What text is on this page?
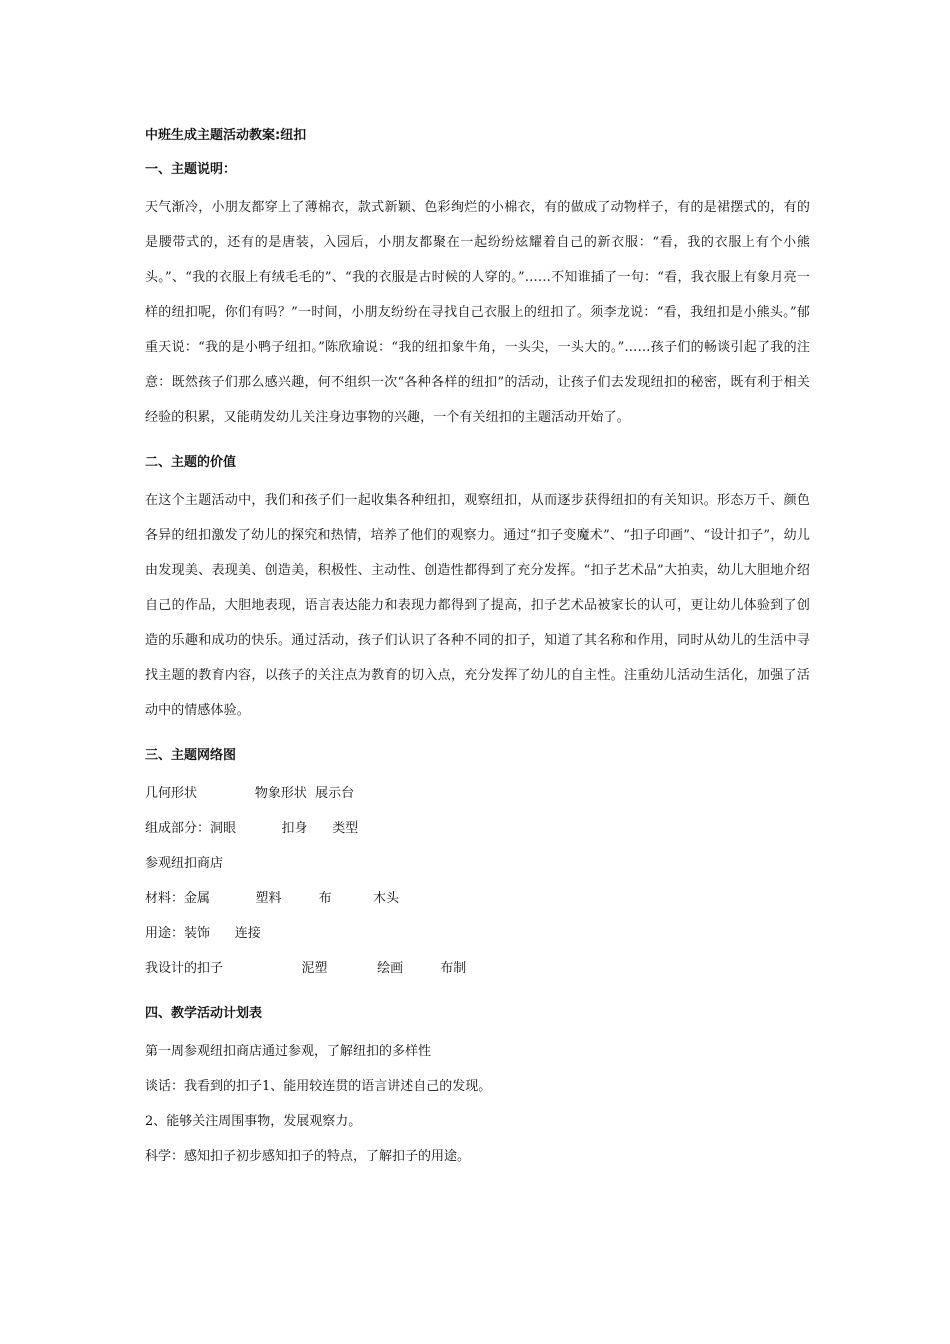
中班生成主题活动教案:纽扣
一、主题说明：

天气渐冷，小朋友都穿上了薄棉衣，款式新颖、色彩绚烂的小棉衣，有的做成了动物样子，有的是裙摆式的，有的是腰带式的，还有的是唐装，入园后，小朋友都聚在一起纷纷炫耀着自己的新衣服：“看，我的衣服上有个小熊头。”、“我的衣服上有绒毛毛的”、“我的衣服是古时候的人穿的。”……不知谁插了一句：“看，我衣服上有象月亮一样的纽扣呢，你们有吗？”一时间，小朋友纷纷在寻找自己衣服上的纽扣了。须李龙说：“看，我纽扣是小熊头。”郁重天说：“我的是小鸭子纽扣。”陈欣瑜说：“我的纽扣象牛角，一头尖，一头大的。”……孩子们的畅谈引起了我的注意：既然孩子们那么感兴趣，何不组织一次“各种各样的纽扣”的活动，让孩子们去发现纽扣的秘密，既有利于相关经验的积累，又能萌发幼儿关注身边事物的兴趣，一个有关纽扣的主题活动开始了。

二、主题的价值

在这个主题活动中，我们和孩子们一起收集各种纽扣，观察纽扣，从而逐步获得纽扣的有关知识。形态万千、颜色各异的纽扣激发了幼儿的探究和热情，培养了他们的观察力。通过“扣子变魔术”、“扣子印画”、“设计扣子”，幼儿由发现美、表现美、创造美，积极性、主动性、创造性都得到了充分发挥。“扣子艺术品”大拍卖，幼儿大胆地介绍自己的作品，大胆地表现，语言表达能力和表现力都得到了提高，扣子艺术品被家长的认可，更让幼儿体验到了创造的乐趣和成功的快乐。通过活动，孩子们认识了各种不同的扣子，知道了其名称和作用，同时从幼儿的生活中寻找主题的教育内容，以孩子的关注点为教育的切入点，充分发挥了幼儿的自主性。注重幼儿活动生活化，加强了活动中的情感体验。

三、主题网络图

几何形状              物象形状  展示台

组成部分：洞眼           扣身      类型

参观纽扣商店

材料：金属           塑料         布          木头

用途：装饰      连接

我设计的扣子                   泥塑            绘画         布制

四、教学活动计划表

第一周参观纽扣商店通过参观，了解纽扣的多样性

谈话：我看到的扣子1、能用较连贯的语言讲述自己的发现。

2、能够关注周围事物，发展观察力。

科学：感知扣子初步感知扣子的特点，了解扣子的用途。
